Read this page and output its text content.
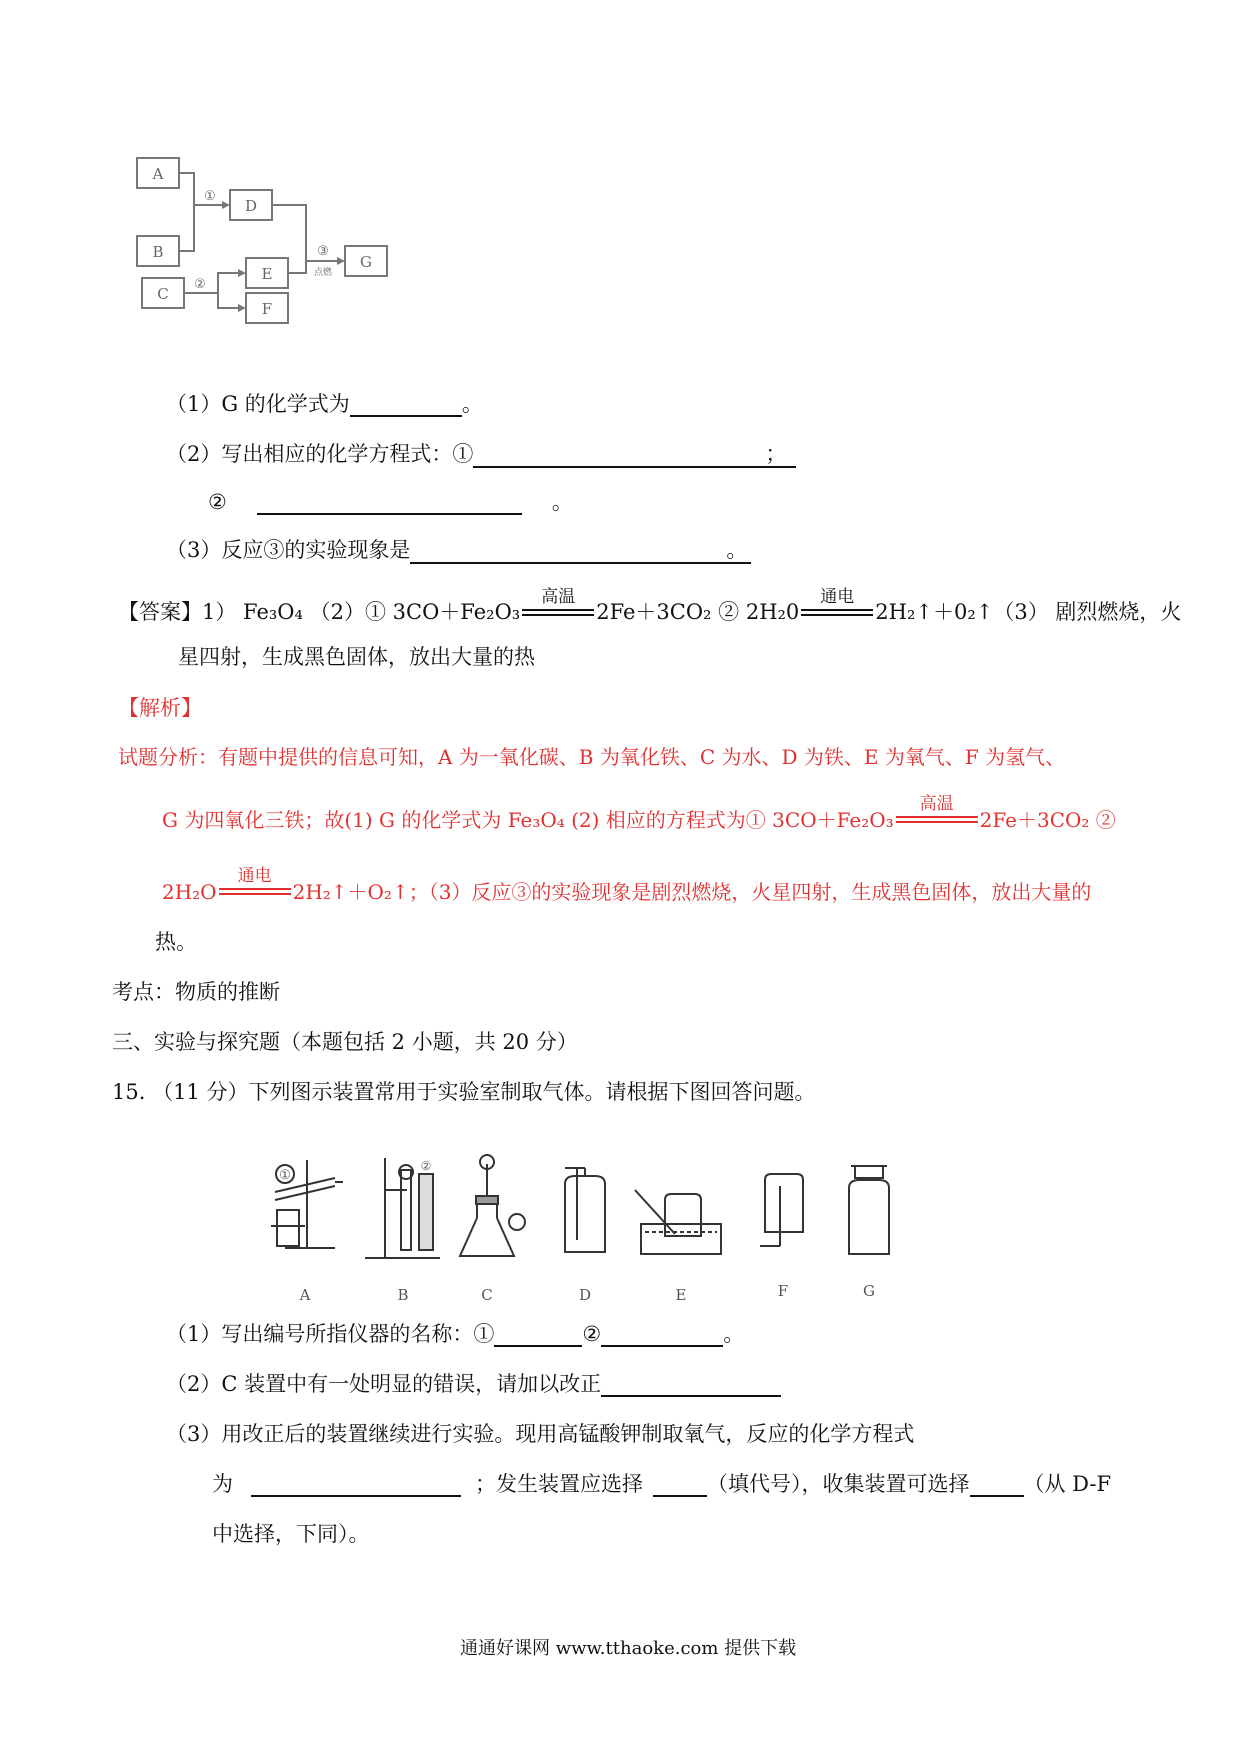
A
B
C
D
E
F
G
①
②
③
点燃
（1）G 的化学式为	。
（2）写出相应的化学方程式：①	；
②	。
（3）反应③的实验现象是	。
【答案】1） Fe₃O₄ （2）① 3CO＋Fe₂O₃
高温
2Fe＋3CO₂ ② 2H₂0
通电
2H₂↑＋0₂↑（3） 剧烈燃烧，火
星四射，生成黑色固体，放出大量的热
【解析】
试题分析：有题中提供的信息可知，A 为一氧化碳、B 为氧化铁、C 为水、D 为铁、E 为氧气、F 为氢气、
G 为四氧化三铁；故(1) G 的化学式为 Fe₃O₄ (2) 相应的方程式为① 3CO＋Fe₂O₃
高温
2Fe＋3CO₂ ②
2H₂O
通电
2H₂↑＋O₂↑；（3）反应③的实验现象是剧烈燃烧，火星四射，生成黑色固体，放出大量的
热。
考点：物质的推断
三、实验与探究题（本题包括 2 小题，共 20 分）
15. （11 分）下列图示装置常用于实验室制取气体。请根据下图回答问题。
A	B	C	D	E	F	G
①
②
（1）写出编号所指仪器的名称：①	②	。
（2）C 装置中有一处明显的错误，请加以改正
（3）用改正后的装置继续进行实验。现用高锰酸钾制取氧气，反应的化学方程式
为	；发生装置应选择	（填代号），收集装置可选择	（从 D-F
中选择，下同）。
通通好课网 www.tthaoke.com 提供下载
